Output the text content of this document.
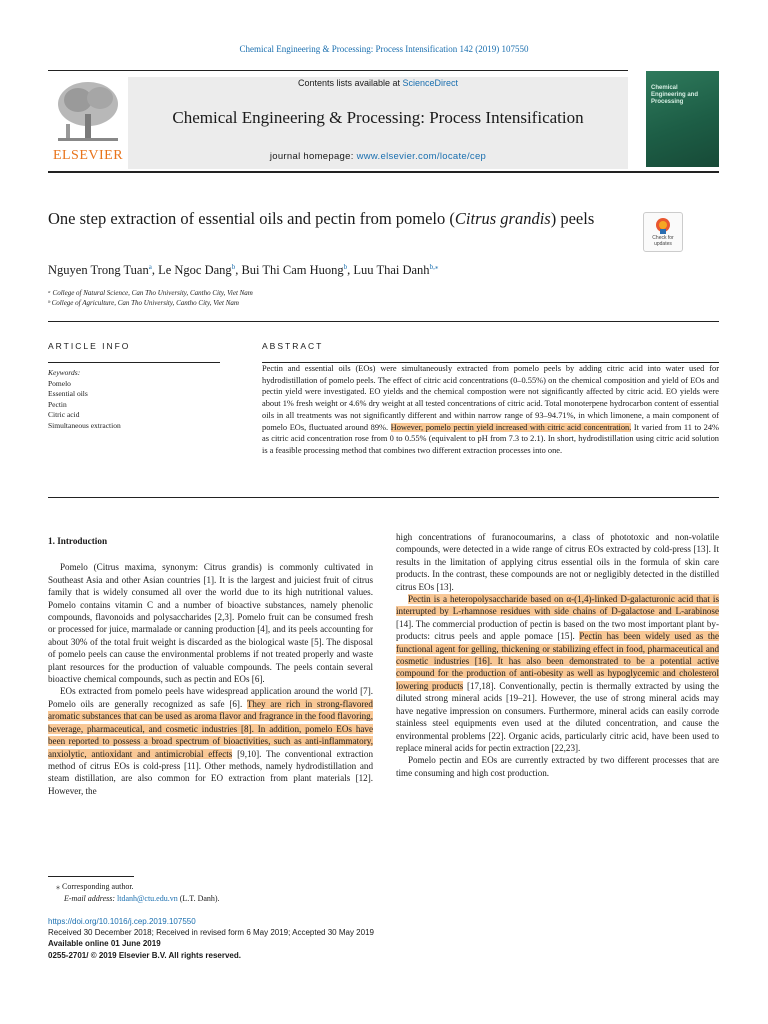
Chemical Engineering & Processing: Process Intensification 142 (2019) 107550
ELSEVIER
Contents lists available at ScienceDirect
Chemical Engineering & Processing: Process Intensification
journal homepage: www.elsevier.com/locate/cep
Chemical Engineering and Processing
One step extraction of essential oils and pectin from pomelo (Citrus grandis) peels
Check for updates
Nguyen Trong Tuan$^a$, Le Ngoc Dang$^b$, Bui Thi Cam Huong$^b$, Luu Thai Danh$^{b,⁎}$
ᵃ College of Natural Science, Can Tho University, Cantho City, Viet Nam
ᵇ College of Agriculture, Can Tho University, Cantho City, Viet Nam
ARTICLE INFO	ABSTRACT
Keywords:
Pomelo
Essential oils
Pectin
Citric acid
Simultaneous extraction
Pectin and essential oils (EOs) were simultaneously extracted from pomelo peels by adding citric acid into water used for hydrodistillation of pomelo peels. The effect of citric acid concentrations (0–0.55%) on the chemical composition and yield of EOs and pectin yield were investigated. EO yields and the chemical compostion were not significantly affected by citric acid. EO yields were about 1% fresh weight or 4.6% dry weight at all tested concentrations of citric acid. Total monoterpene hydrocarbon content of essential oils in all treatments was not significantly different and within narrow range of 93–94.71%, in which limonene, a main component of pomelo EOs, fluctuated around 89%. However, pomelo pectin yield increased with citric acid concentration. It varied from 11 to 24% as citric acid concentration rose from 0 to 0.55% (equivalent to pH from 7.3 to 2.1). In short, hydrodistillation using citric acid solution is a feasible processing method that combines two different extraction processes into one.
1. Introduction

Pomelo (Citrus maxima, synonym: Citrus grandis) is commonly cultivated in Southeast Asia and other Asian countries [1]. It is the largest and juiciest fruit of citrus family that is widely consumed all over the world due to its high nutritional values. Pomelo contains vitamin C and a number of bioactive substances, namely phenolic compounds, flavonoids and polysaccharides [2,3]. Pomelo fruit can be consumed fresh or processed for juice, marmalade or canning production [4], and its peels accounting for about 30% of the total fruit weight is discarded as the biological waste [5]. The disposal of pomelo peels can cause the environmental problems if not treated properly and waste plant resources for the production of valuable compounds. The peels contain several bioactive chemical compounds, such as pectin and EOs [6].

EOs extracted from pomelo peels have widespread application around the world [7]. Pomelo oils are generally recognized as safe [6]. They are rich in strong-flavored aromatic substances that can be used as aroma flavor and fragrance in the food flavoring, beverage, pharmaceutical, and cosmetic industries [8]. In addition, pomelo EOs have been reported to possess a broad spectrum of bioactivities, such as anti-inflammatory, anxiolytic, antioxidant and antimicrobial effects [9,10]. The conventional extraction method of citrus EOs is cold-press [11]. Other methods, namely hydrodistillation and steam distillation, are also common for EO extraction from plant materials [12]. However, the

high concentrations of furanocoumarins, a class of phototoxic and non-volatile compounds, were detected in a wide range of citrus EOs extracted by cold-press [13]. It results in the limitation of applying citrus essential oils in the formula of skin care products. In the contrast, these compounds are not or negligibly detected in the distilled citrus EOs [13].

Pectin is a heteropolysaccharide based on α-(1,4)-linked D-galacturonic acid that is interrupted by L-rhamnose residues with side chains of D-galactose and L-arabinose [14]. The commercial production of pectin is based on the two most important plant by-products: citrus peels and apple pomace [15]. Pectin has been widely used as the functional agent for gelling, thickening or stabilizing effect in food, pharmaceutical and cosmetic industries [16]. It has also been demonstrated to be a potential active compound for the production of anti-obesity as well as hypoglycemic and cholesterol lowering products [17,18]. Conventionally, pectin is thermally extracted by using the diluted strong mineral acids [19–21]. However, the use of strong mineral acids may have negative impression on consumers. Furthermore, mineral acids can easily corrode stainless steel equipments even used at the diluted concentration, and cause the environmental problems [22]. Organic acids, particularly citric acid, have been used to replace mineral acids for pectin extraction [22,23].

Pomelo pectin and EOs are currently extracted by two different processes that are time consuming and high cost production.

⁎ Corresponding author.
E-mail address: ltdanh@ctu.edu.vn (L.T. Danh).
https://doi.org/10.1016/j.cep.2019.107550
Received 30 December 2018; Received in revised form 6 May 2019; Accepted 30 May 2019
Available online 01 June 2019
0255-2701/ © 2019 Elsevier B.V. All rights reserved.
